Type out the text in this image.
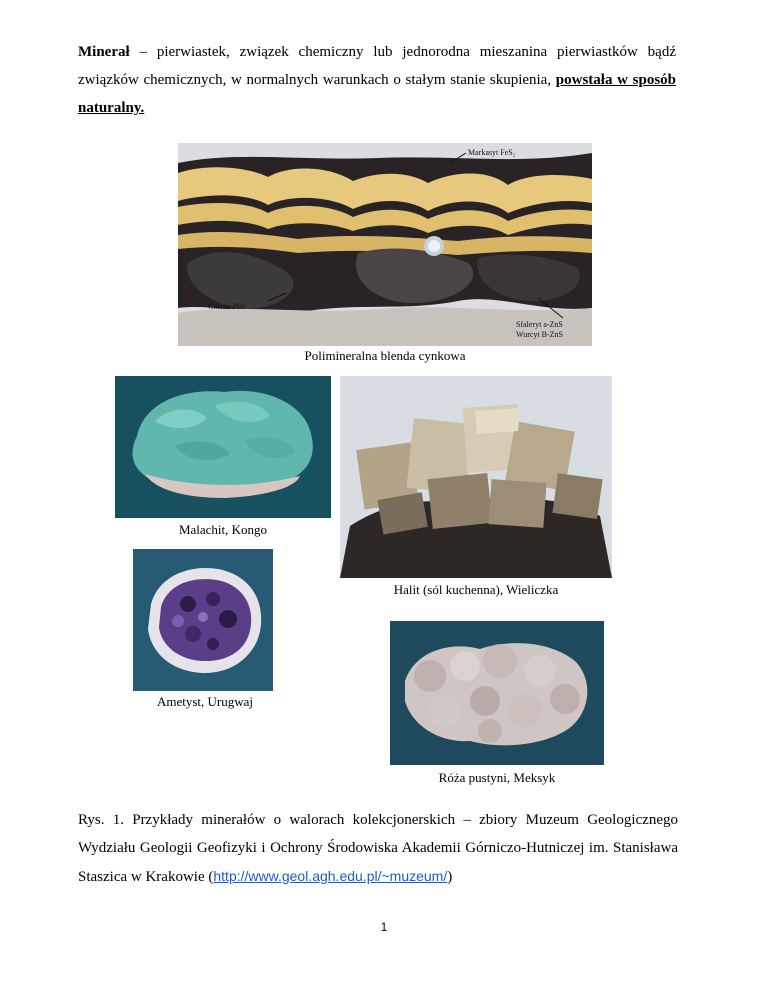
Minerał – pierwiastek, związek chemiczny lub jednorodna mieszanina pierwiastków bądź związków chemicznych, w normalnych warunkach o stałym stanie skupienia, powstała w sposób naturalny.

Markasyt FeS₂
Galena PbS
Sfaleryt a-ZnS
Wurcyt B-ZnS
Polimineralna blenda cynkowa
Malachit, Kongo
Halit (sól kuchenna), Wieliczka
Ametyst, Urugwaj
Róża pustyni, Meksyk

Rys. 1. Przykłady minerałów o walorach kolekcjonerskich – zbiory Muzeum Geologicznego Wydziału Geologii Geofizyki i Ochrony Środowiska Akademii Górniczo-Hutniczej im. Stanisława Staszica w Krakowie (http://www.geol.agh.edu.pl/~muzeum/)

1
